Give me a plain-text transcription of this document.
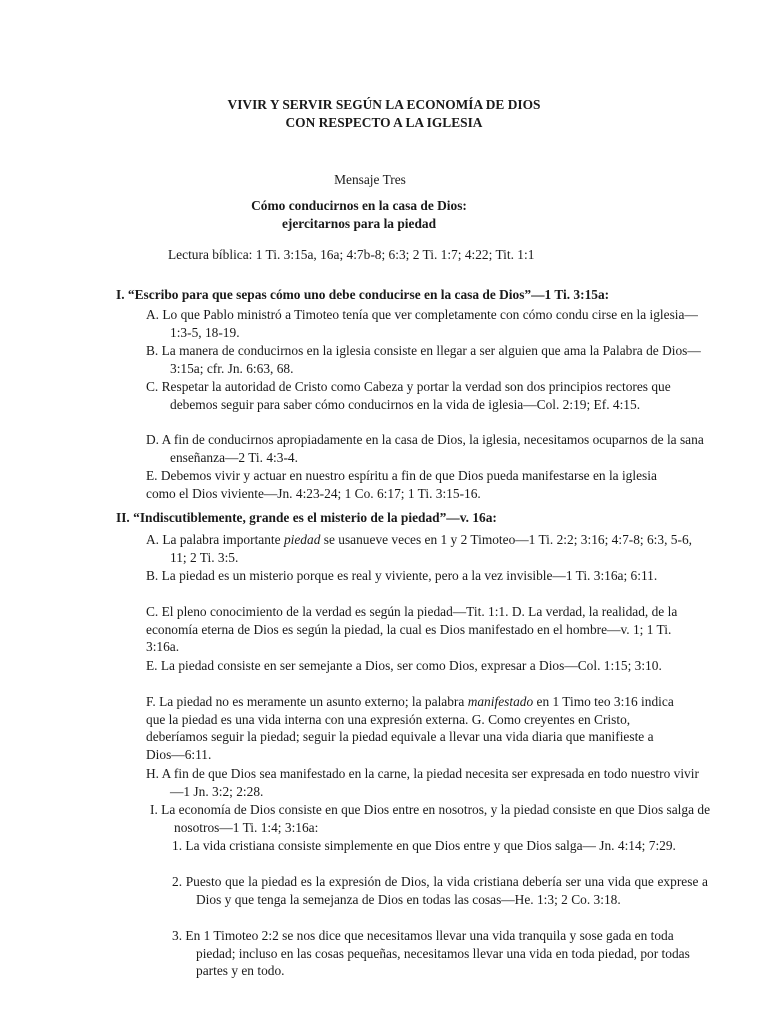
VIVIR Y SERVIR SEGÚN LA ECONOMÍA DE DIOS
CON RESPECTO A LA IGLESIA
Mensaje Tres
Cómo conducirnos en la casa de Dios:
ejercitarnos para la piedad
Lectura bíblica: 1 Ti. 3:15a, 16a; 4:7b-8; 6:3; 2 Ti. 1:7; 4:22; Tit. 1:1
I. “Escribo para que sepas cómo uno debe conducirse en la casa de Dios”—1 Ti. 3:15a:
A. Lo que Pablo ministró a Timoteo tenía que ver completamente con cómo condu cirse en la iglesia—1:3-5, 18-19.
B. La manera de conducirnos en la iglesia consiste en llegar a ser alguien que ama la Palabra de Dios—3:15a; cfr. Jn. 6:63, 68.
C. Respetar la autoridad de Cristo como Cabeza y portar la verdad son dos principios rectores que debemos seguir para saber cómo conducirnos en la vida de iglesia—Col. 2:19; Ef. 4:15.
D. A fin de conducirnos apropiadamente en la casa de Dios, la iglesia, necesitamos ocuparnos de la sana enseñanza—2 Ti. 4:3-4.
E. Debemos vivir y actuar en nuestro espíritu a fin de que Dios pueda manifestarse en la iglesia como el Dios viviente—Jn. 4:23-24; 1 Co. 6:17; 1 Ti. 3:15-16.
II. “Indiscutiblemente, grande es el misterio de la piedad”—v. 16a:
A. La palabra importante piedad se usanueve veces en 1 y 2 Timoteo—1 Ti. 2:2; 3:16; 4:7-8; 6:3, 5-6, 11; 2 Ti. 3:5.
B. La piedad es un misterio porque es real y viviente, pero a la vez invisible—1 Ti. 3:16a; 6:11.
C. El pleno conocimiento de la verdad es según la piedad—Tit. 1:1. D. La verdad, la realidad, de la economía eterna de Dios es según la piedad, la cual es Dios manifestado en el hombre—v. 1; 1 Ti. 3:16a.
E. La piedad consiste en ser semejante a Dios, ser como Dios, expresar a Dios—Col. 1:15; 3:10.
F. La piedad no es meramente un asunto externo; la palabra manifestado en 1 Timo teo 3:16 indica que la piedad es una vida interna con una expresión externa. G. Como creyentes en Cristo, deberíamos seguir la piedad; seguir la piedad equivale a llevar una vida diaria que manifieste a Dios—6:11.
H. A fin de que Dios sea manifestado en la carne, la piedad necesita ser expresada en todo nuestro vivir—1 Jn. 3:2; 2:28.
I. La economía de Dios consiste en que Dios entre en nosotros, y la piedad consiste en que Dios salga de nosotros—1 Ti. 1:4; 3:16a:
1. La vida cristiana consiste simplemente en que Dios entre y que Dios salga— Jn. 4:14; 7:29.
2. Puesto que la piedad es la expresión de Dios, la vida cristiana debería ser una vida que exprese a Dios y que tenga la semejanza de Dios en todas las cosas—He. 1:3; 2 Co. 3:18.
3. En 1 Timoteo 2:2 se nos dice que necesitamos llevar una vida tranquila y sose gada en toda piedad; incluso en las cosas pequeñas, necesitamos llevar una vida en toda piedad, por todas partes y en todo.
